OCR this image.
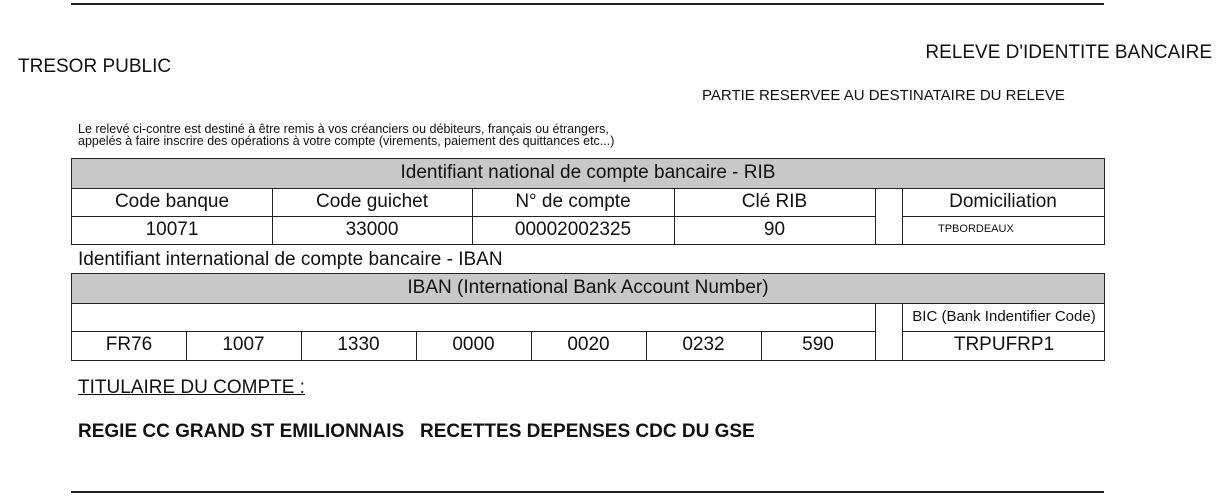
TRESOR PUBLIC
RELEVE D'IDENTITE BANCAIRE
PARTIE RESERVEE AU DESTINATAIRE DU RELEVE
Le relevé ci-contre est destiné à être remis à vos créanciers ou débiteurs, français ou étrangers,
appelés à faire inscrire des opérations à votre compte (virements, paiement des quittances etc...)
Identifiant national de compte bancaire - RIB
Code banque	Code guichet	N° de compte	Clé RIB	Domiciliation
10071	33000	00002002325	90	TPBORDEAUX
Identifiant international de compte bancaire - IBAN
IBAN (International Bank Account Number)
BIC (Bank Indentifier Code)
FR76	1007	1330	0000	0020	0232	590	TRPUFRP1
TITULAIRE DU COMPTE :
REGIE CC GRAND ST EMILIONNAIS   RECETTES DEPENSES CDC DU GSE
